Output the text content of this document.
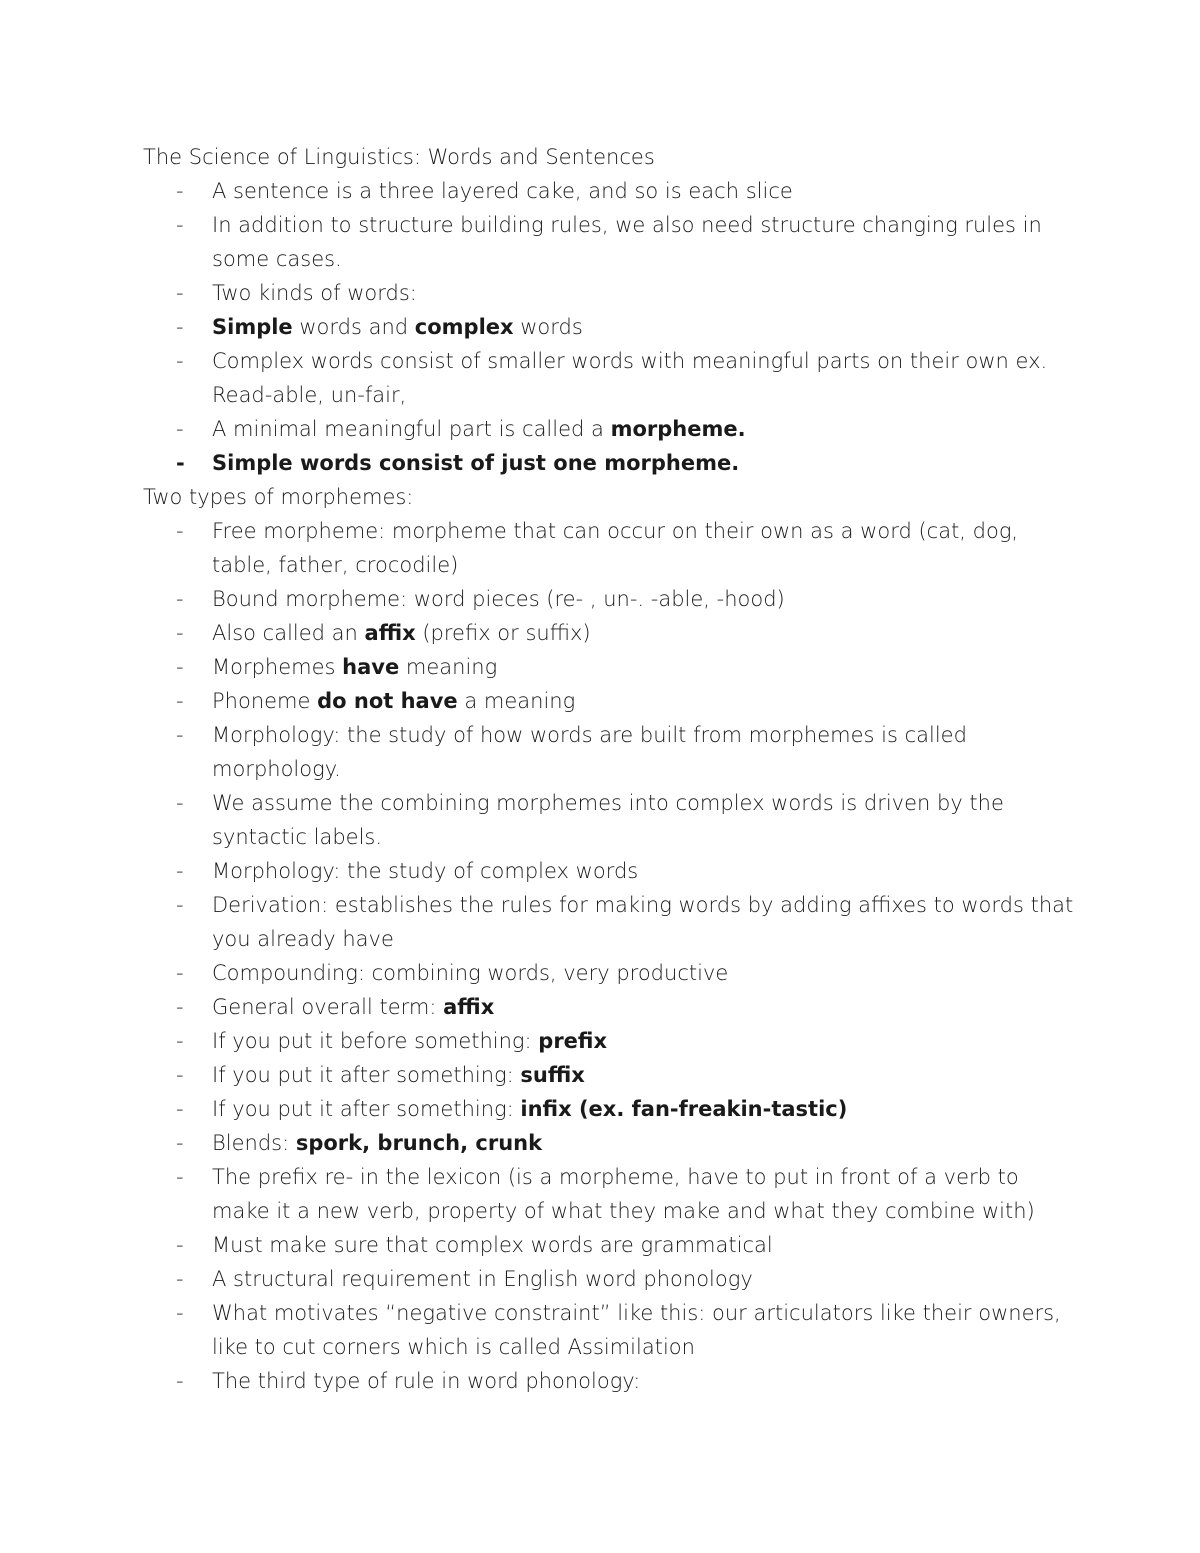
The Science of Linguistics: Words and Sentences

- A sentence is a three layered cake, and so is each slice
- In addition to structure building rules, we also need structure changing rules in some cases.
- Two kinds of words:
- Simple words and complex words
- Complex words consist of smaller words with meaningful parts on their own ex. Read-able, un-fair,
- A minimal meaningful part is called a morpheme.
- Simple words consist of just one morpheme.

Two types of morphemes:

- Free morpheme: morpheme that can occur on their own as a word (cat, dog, table, father, crocodile)
- Bound morpheme: word pieces (re- , un-. -able, -hood)
- Also called an affix (prefix or suffix)
- Morphemes have meaning
- Phoneme do not have a meaning
- Morphology: the study of how words are built from morphemes is called morphology.
- We assume the combining morphemes into complex words is driven by the syntactic labels.
- Morphology: the study of complex words
- Derivation: establishes the rules for making words by adding affixes to words that you already have
- Compounding: combining words, very productive
- General overall term: affix
- If you put it before something: prefix
- If you put it after something: suffix
- If you put it after something: infix (ex. fan-freakin-tastic)
- Blends: spork, brunch, crunk
- The prefix re- in the lexicon (is a morpheme, have to put in front of a verb to make it a new verb, property of what they make and what they combine with)
- Must make sure that complex words are grammatical
- A structural requirement in English word phonology
- What motivates “negative constraint” like this: our articulators like their owners, like to cut corners which is called Assimilation
- The third type of rule in word phonology:
